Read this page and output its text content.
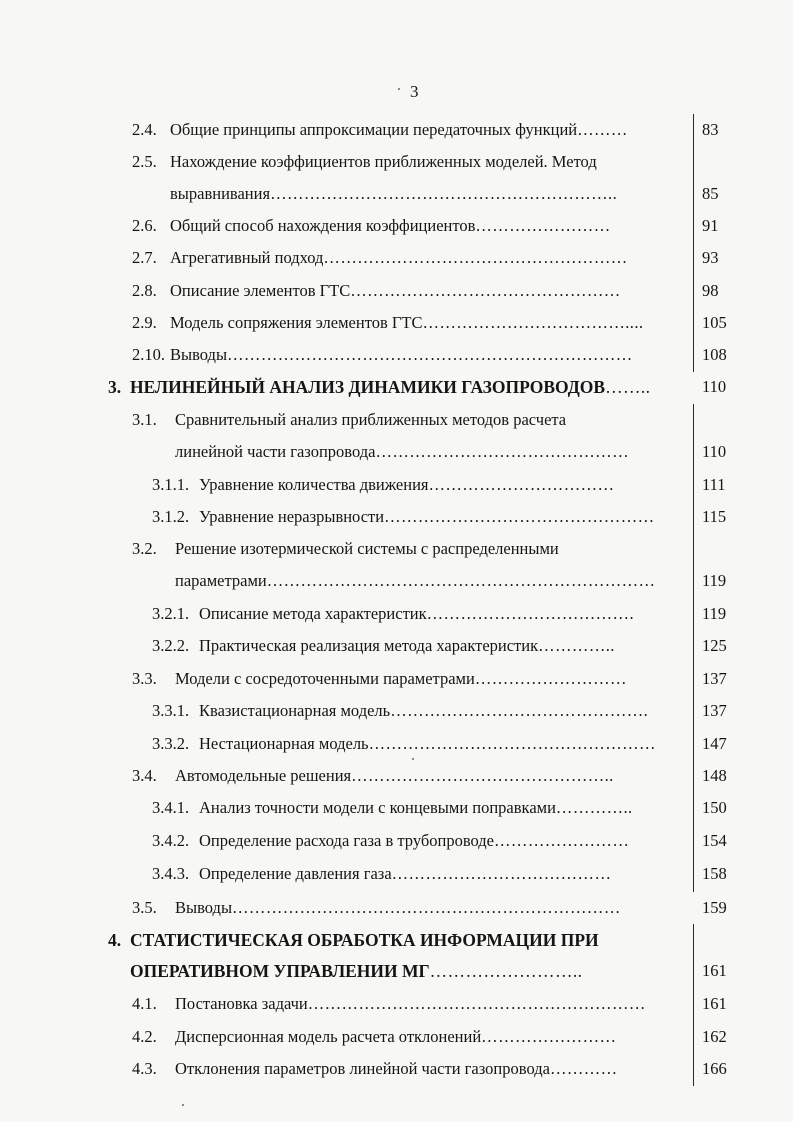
3
2.4. Общие принципы аппроксимации передаточных функций………	83
2.5. Нахождение коэффициентов приближенных моделей. Метод
выравнивания……………………………………………………..	85
2.6. Общий способ нахождения коэффициентов……………………	91
2.7. Агрегативный подход………………………………………………	93
2.8. Описание элементов ГТС…………………………………………	98
2.9. Модель сопряжения элементов ГТС………………………………....	105
2.10. Выводы………………………………………………………………	108
3. НЕЛИНЕЙНЫЙ АНАЛИЗ ДИНАМИКИ ГАЗОПРОВОДОВ……..	110
3.1. Сравнительный анализ приближенных методов расчета
линейной части газопровода………………………………………	110
3.1.1. Уравнение количества движения……………………………	111
3.1.2. Уравнение неразрывности…………………………………………	115
3.2. Решение изотермической системы с распределенными
параметрами……………………………………………………………	119
3.2.1. Описание метода характеристик……………………………….	119
3.2.2. Практическая реализация метода характеристик…………..	125
3.3. Модели с сосредоточенными параметрами………………………	137
3.3.1. Квазистационарная модель……………………………………….	137
3.3.2. Нестационарная модель……………………………………………	147
3.4. Автомодельные решения………………………………………..	148
3.4.1. Анализ точности модели с концевыми поправками…………..	150
3.4.2. Определение расхода газа в трубопроводе……………………	154
3.4.3. Определение давления газа…………………………………	158
3.5. Выводы……………………………………………………………	159
4. СТАТИСТИЧЕСКАЯ ОБРАБОТКА ИНФОРМАЦИИ ПРИ
ОПЕРАТИВНОМ УПРАВЛЕНИИ МГ……………………..	161
4.1. Постановка задачи……………………………………………………	161
4.2. Дисперсионная модель расчета отклонений……………………	162
4.3. Отклонения параметров линейной части газопровода…………	166
